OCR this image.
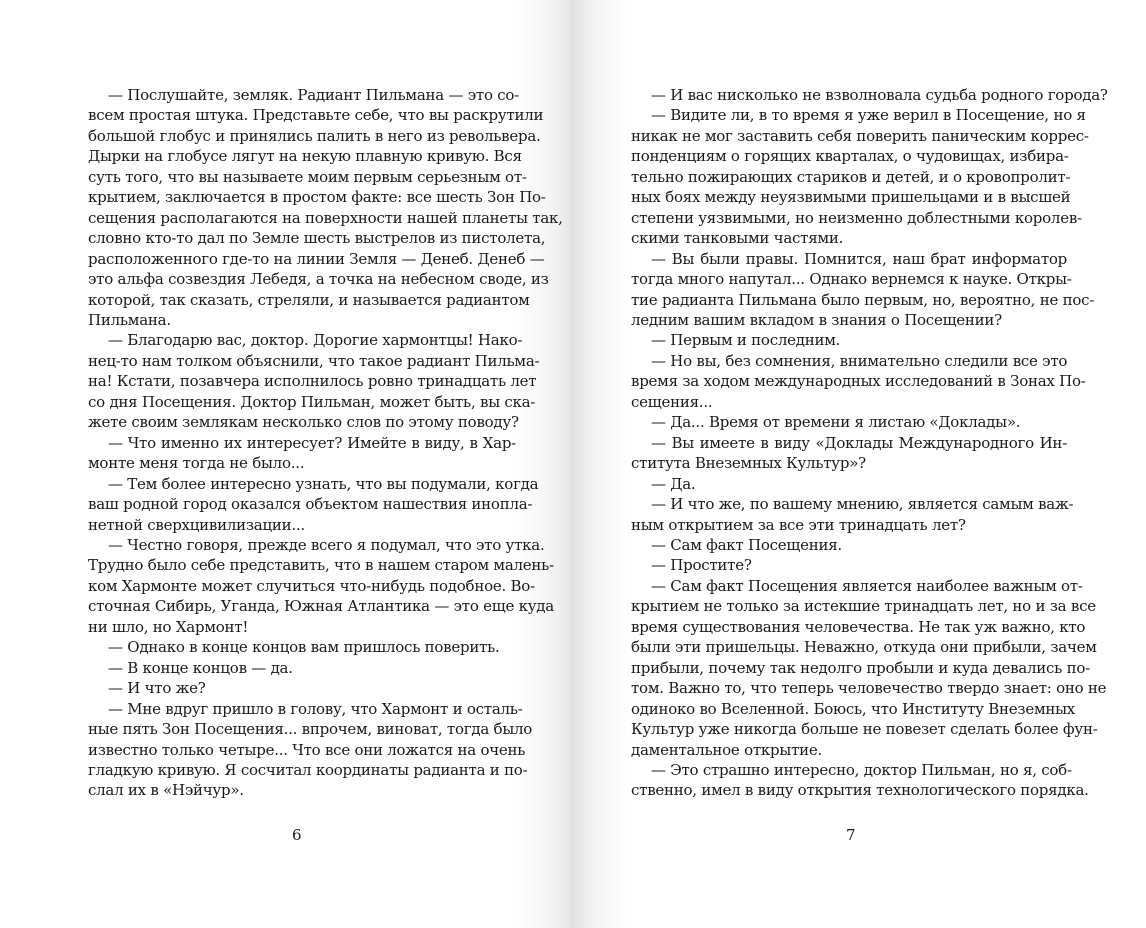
— Послушайте, земляк. Радиант Пильмана — это со-
всем простая штука. Представьте себе, что вы раскрутили
большой глобус и принялись палить в него из револьвера.
Дырки на глобусе лягут на некую плавную кривую. Вся
суть того, что вы называете моим первым серьезным от-
крытием, заключается в простом факте: все шесть Зон По-
сещения располагаются на поверхности нашей планеты так,
словно кто-то дал по Земле шесть выстрелов из пистолета,
расположенного где-то на линии Земля — Денеб. Денеб —
это альфа созвездия Лебедя, а точка на небесном своде, из
которой, так сказать, стреляли, и называется радиантом
Пильмана.
— Благодарю вас, доктор. Дорогие хармонтцы! Нако-
нец-то нам толком объяснили, что такое радиант Пильма-
на! Кстати, позавчера исполнилось ровно тринадцать лет
со дня Посещения. Доктор Пильман, может быть, вы ска-
жете своим землякам несколько слов по этому поводу?
— Что именно их интересует? Имейте в виду, в Хар-
монте меня тогда не было...
— Тем более интересно узнать, что вы подумали, когда
ваш родной город оказался объектом нашествия инопла-
нетной сверхцивилизации...
— Честно говоря, прежде всего я подумал, что это утка.
Трудно было себе представить, что в нашем старом малень-
ком Хармонте может случиться что-нибудь подобное. Во-
сточная Сибирь, Уганда, Южная Атлантика — это еще куда
ни шло, но Хармонт!
— Однако в конце концов вам пришлось поверить.
— В конце концов — да.
— И что же?
— Мне вдруг пришло в голову, что Хармонт и осталь-
ные пять Зон Посещения... впрочем, виноват, тогда было
известно только четыре... Что все они ложатся на очень
гладкую кривую. Я сосчитал координаты радианта и по-
слал их в «Нэйчур».
6
— И вас нисколько не взволновала судьба родного города?
— Видите ли, в то время я уже верил в Посещение, но я
никак не мог заставить себя поверить паническим коррес-
понденциям о горящих кварталах, о чудовищах, избира-
тельно пожирающих стариков и детей, и о кровопролит-
ных боях между неуязвимыми пришельцами и в высшей
степени уязвимыми, но неизменно доблестными королев-
скими танковыми частями.
— Вы были правы. Помнится, наш брат информатор
тогда много напутал... Однако вернемся к науке. Откры-
тие радианта Пильмана было первым, но, вероятно, не пос-
ледним вашим вкладом в знания о Посещении?
— Первым и последним.
— Но вы, без сомнения, внимательно следили все это
время за ходом международных исследований в Зонах По-
сещения...
— Да... Время от времени я листаю «Доклады».
— Вы имеете в виду «Доклады Международного Ин-
ститута Внеземных Культур»?
— Да.
— И что же, по вашему мнению, является самым важ-
ным открытием за все эти тринадцать лет?
— Сам факт Посещения.
— Простите?
— Сам факт Посещения является наиболее важным от-
крытием не только за истекшие тринадцать лет, но и за все
время существования человечества. Не так уж важно, кто
были эти пришельцы. Неважно, откуда они прибыли, зачем
прибыли, почему так недолго пробыли и куда девались по-
том. Важно то, что теперь человечество твердо знает: оно не
одиноко во Вселенной. Боюсь, что Институту Внеземных
Культур уже никогда больше не повезет сделать более фун-
даментальное открытие.
— Это страшно интересно, доктор Пильман, но я, соб-
ственно, имел в виду открытия технологического порядка.
7
